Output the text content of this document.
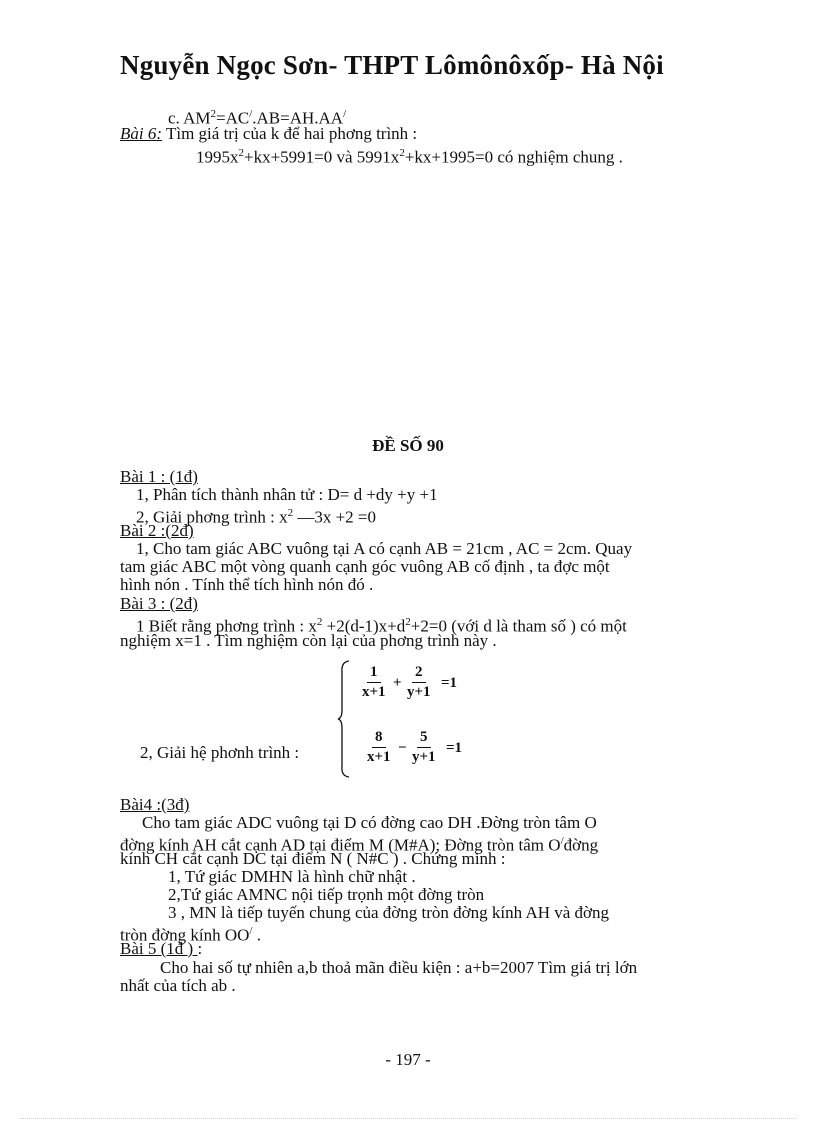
Nguyễn Ngọc Sơn- THPT Lômônôxốp- Hà Nội
c. $AM^2=AC^/.AB=AH.AA^/$
Bài 6: Tìm giá trị của k để hai phơng trình :
$1995x^2+kx+5991=0$ và $5991x^2+kx+1995=0$ có nghiệm chung .
ĐỀ SỐ 90
Bài 1 : (1đ)
1, Phân tích thành nhân tử : D= d +dy +y +1
2, Giải phơng trình : $x^2$ —3x +2 =0
Bài 2 :(2đ)
1, Cho tam giác ABC vuông tại A có cạnh AB = 21cm , AC = 2cm. Quay
tam giác ABC một vòng quanh cạnh góc vuông AB cố định , ta đợc một
hình nón . Tính thể tích hình nón đó .
Bài 3 : (2đ)
1 Biết rằng phơng trình : $x^2 +2(d-1)x+d^2+2=0$ (với d là tham số ) có một
nghiệm x=1 . Tìm nghiệm còn lại của phơng trình này .
2, Giải hệ phơnh trình :
$\frac{1}{x+1} + \frac{2}{y+1} =1$
$\frac{8}{x+1} - \frac{5}{y+1} =1$
Bài4 :(3đ)
Cho tam giác ADC vuông tại D có đờng cao DH .Đờng tròn tâm O
đờng kính AH cắt cạnh AD tại điểm M (M#A); Đờng tròn tâm O/đờng
kính CH cắt cạnh DC tại điểm N ( N#C ) . Chứng minh :
1, Tứ giác DMHN là hình chữ nhật .
2,Tứ giác AMNC nội tiếp trọnh một đờng tròn
3 , MN là tiếp tuyến chung của đờng tròn đờng kính AH và đờng
tròn đờng kính OO/ .
Bài 5 (1đ ) :
Cho hai số tự nhiên a,b thoả mãn điều kiện : a+b=2007 Tìm giá trị lớn
nhất của tích ab .
- 197 -
